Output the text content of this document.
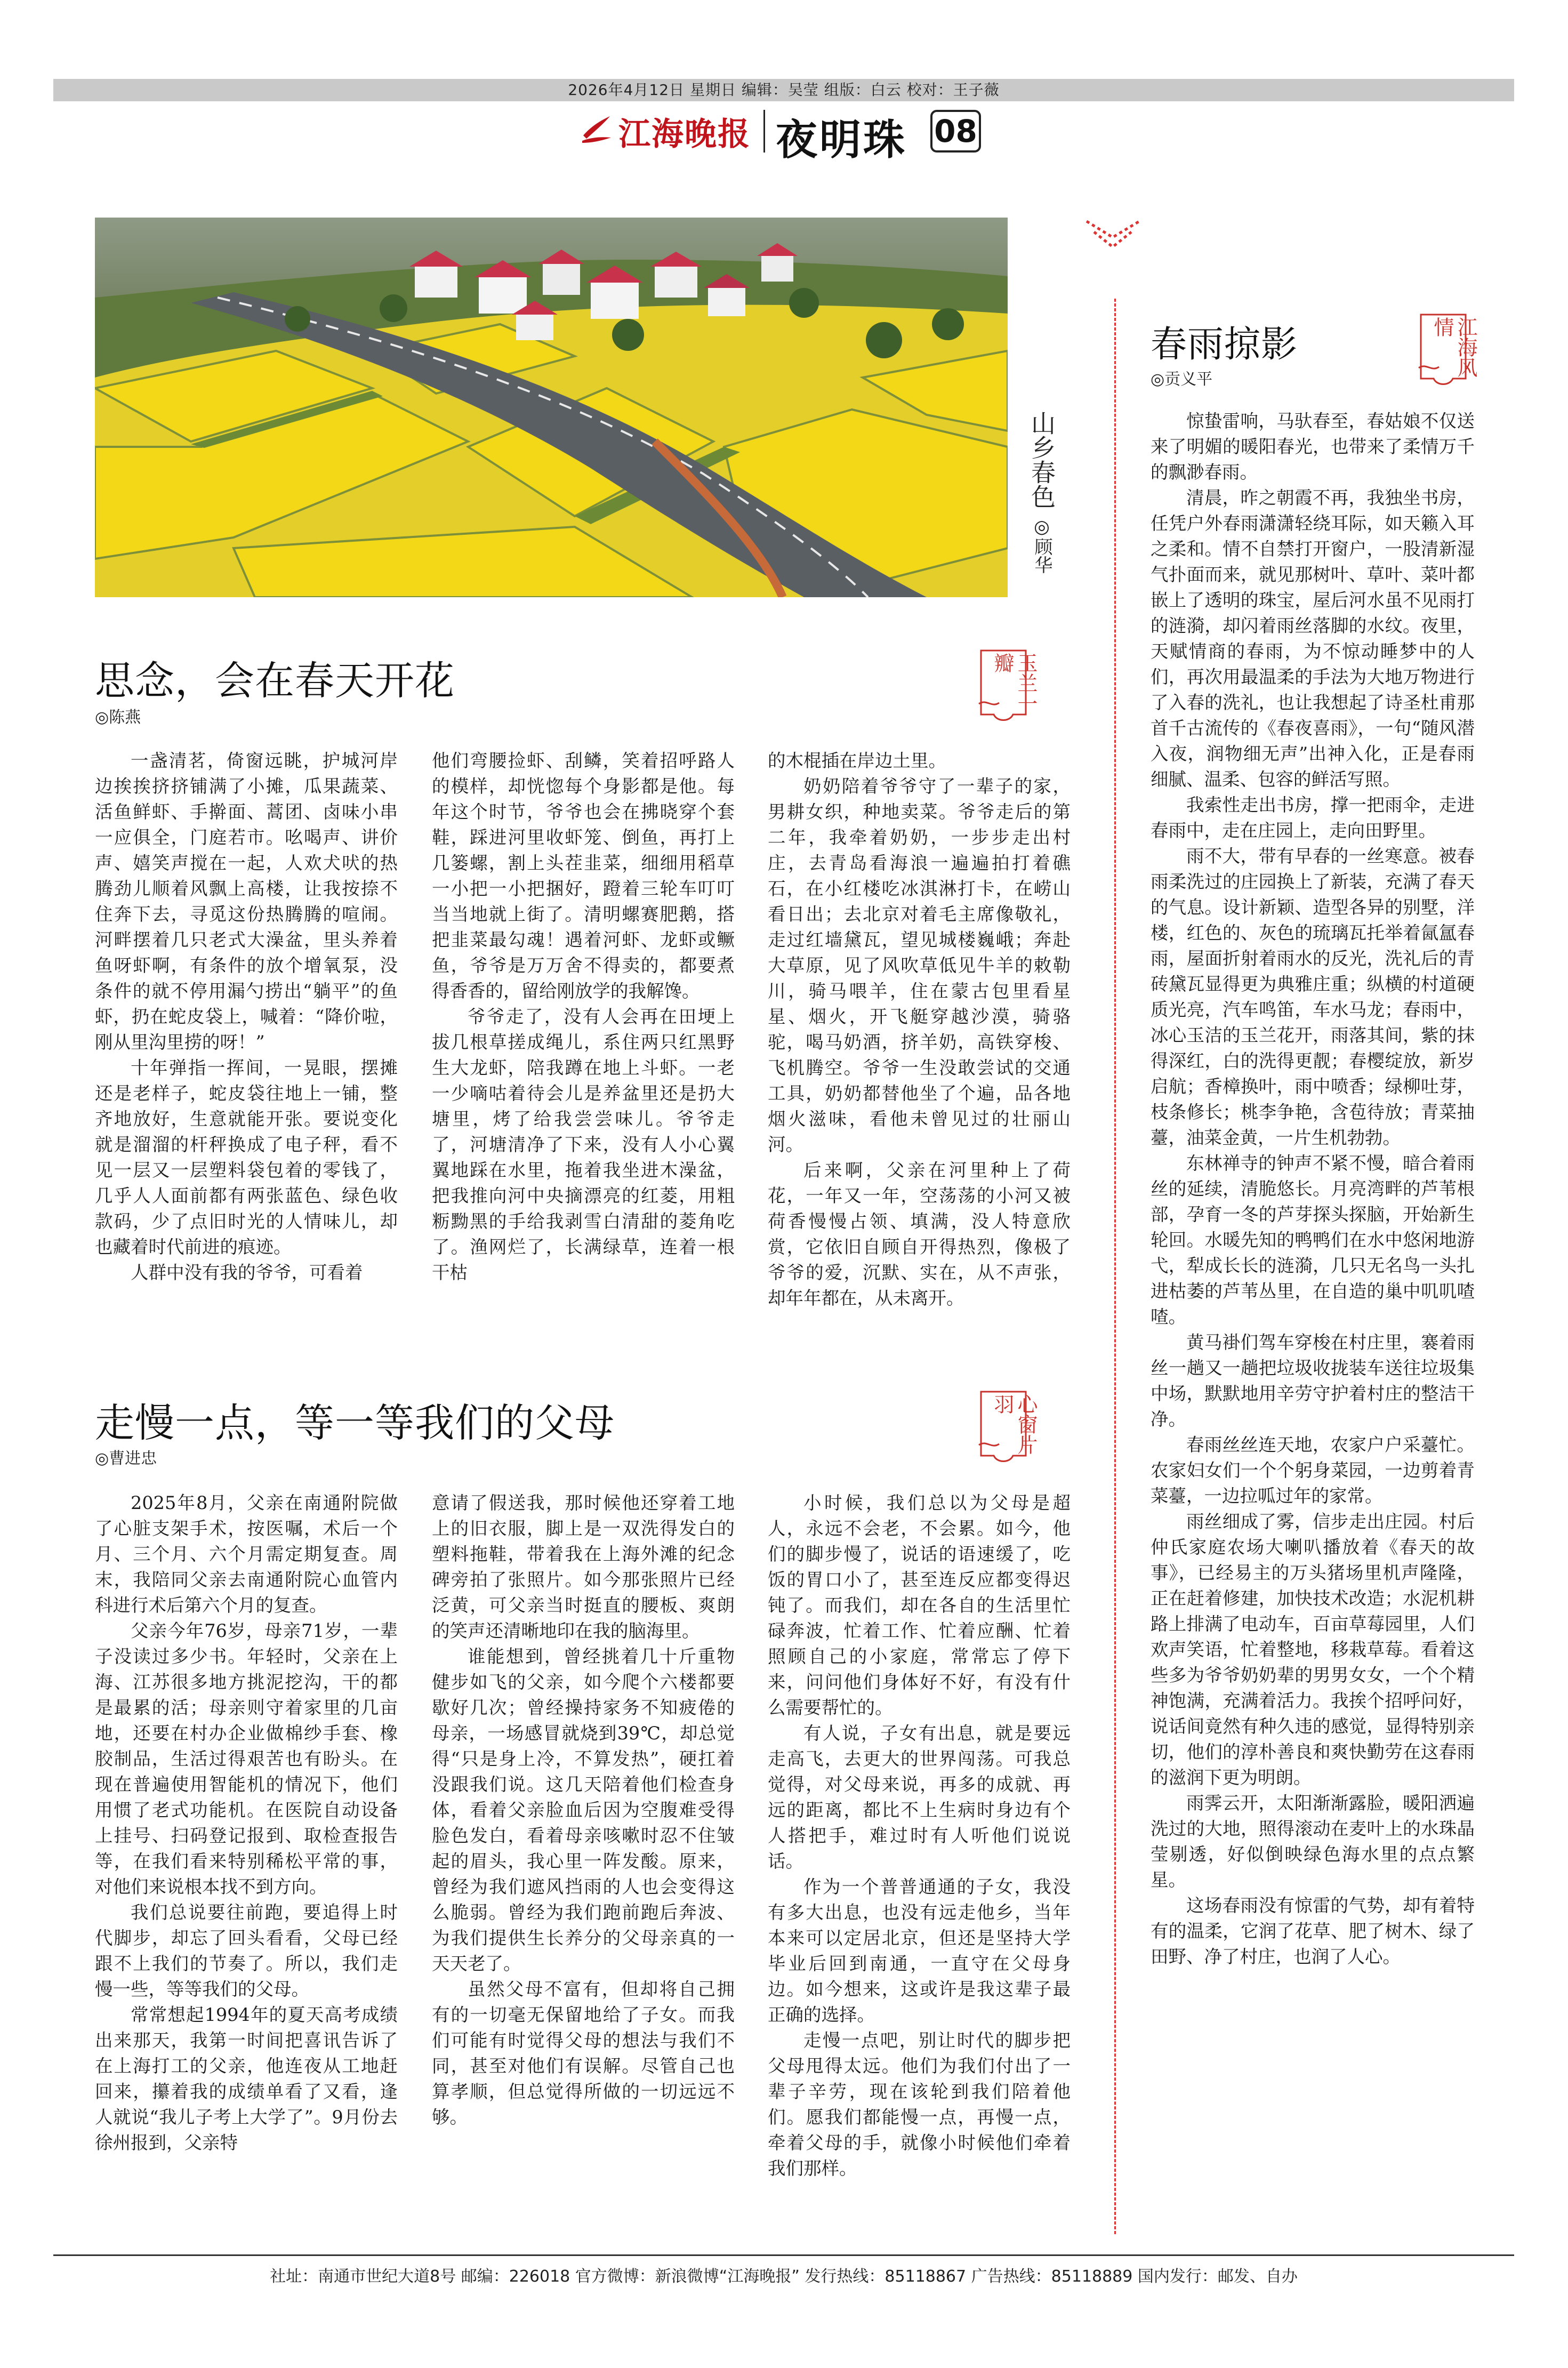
2026年4月12日 星期日 编辑：吴莹 组版：白云 校对：王子薇
江海晚报 夜明珠 08
山乡春色◎顾华
思念，会在春天开花
◎陈燕
玉兰一瓣

一盏清茗，倚窗远眺，护城河岸边挨挨挤挤铺满了小摊，瓜果蔬菜、活鱼鲜虾、手擀面、蒿团、卤味小串一应俱全，门庭若市。吆喝声、讲价声、嬉笑声搅在一起，人欢犬吠的热腾劲儿顺着风飘上高楼，让我按捺不住奔下去，寻觅这份热腾腾的喧闹。河畔摆着几只老式大澡盆，里头养着鱼呀虾啊，有条件的放个增氧泵，没条件的就不停用漏勺捞出“躺平”的鱼虾，扔在蛇皮袋上，喊着：“降价啦，刚从里沟里捞的呀！”

十年弹指一挥间，一晃眼，摆摊还是老样子，蛇皮袋往地上一铺，整齐地放好，生意就能开张。要说变化就是溜溜的杆秤换成了电子秤，看不见一层又一层塑料袋包着的零钱了，几乎人人面前都有两张蓝色、绿色收款码，少了点旧时光的人情味儿，却也藏着时代前进的痕迹。

人群中没有我的爷爷，可看着

他们弯腰捡虾、刮鳞，笑着招呼路人的模样，却恍惚每个身影都是他。每年这个时节，爷爷也会在拂晓穿个套鞋，踩进河里收虾笼、倒鱼，再打上几篓螺，割上头茬韭菜，细细用稻草一小把一小把捆好，蹬着三轮车叮叮当当地就上街了。清明螺赛肥鹅，搭把韭菜最勾魂！遇着河虾、龙虾或鳜鱼，爷爷是万万舍不得卖的，都要煮得香香的，留给刚放学的我解馋。

爷爷走了，没有人会再在田埂上拔几根草搓成绳儿，系住两只红黑野生大龙虾，陪我蹲在地上斗虾。一老一少嘀咕着待会儿是养盆里还是扔大塘里，烤了给我尝尝味儿。爷爷走了，河塘清净了下来，没有人小心翼翼地踩在水里，拖着我坐进木澡盆，把我推向河中央摘漂亮的红菱，用粗粝黝黑的手给我剥雪白清甜的菱角吃了。渔网烂了，长满绿草，连着一根干枯

的木棍插在岸边土里。

奶奶陪着爷爷守了一辈子的家，男耕女织，种地卖菜。爷爷走后的第二年，我牵着奶奶，一步步走出村庄，去青岛看海浪一遍遍拍打着礁石，在小红楼吃冰淇淋打卡，在崂山看日出；去北京对着毛主席像敬礼，走过红墙黛瓦，望见城楼巍峨；奔赴大草原，见了风吹草低见牛羊的敕勒川，骑马喂羊，住在蒙古包里看星星、烟火，开飞艇穿越沙漠，骑骆驼，喝马奶酒，挤羊奶，高铁穿梭、飞机腾空。爷爷一生没敢尝试的交通工具，奶奶都替他坐了个遍，品各地烟火滋味，看他未曾见过的壮丽山河。

后来啊，父亲在河里种上了荷花，一年又一年，空荡荡的小河又被荷香慢慢占领、填满，没人特意欣赏，它依旧自顾自开得热烈，像极了爷爷的爱，沉默、实在，从不声张，却年年都在，从未离开。

走慢一点，等一等我们的父母
◎曹进忠
心窗片羽

2025年8月，父亲在南通附院做了心脏支架手术，按医嘱，术后一个月、三个月、六个月需定期复查。周末，我陪同父亲去南通附院心血管内科进行术后第六个月的复查。

父亲今年76岁，母亲71岁，一辈子没读过多少书。年轻时，父亲在上海、江苏很多地方挑泥挖沟，干的都是最累的活；母亲则守着家里的几亩地，还要在村办企业做棉纱手套、橡胶制品，生活过得艰苦也有盼头。在现在普遍使用智能机的情况下，他们用惯了老式功能机。在医院自动设备上挂号、扫码登记报到、取检查报告等，在我们看来特别稀松平常的事，对他们来说根本找不到方向。

我们总说要往前跑，要追得上时代脚步，却忘了回头看看，父母已经跟不上我们的节奏了。所以，我们走慢一些，等等我们的父母。

常常想起1994年的夏天高考成绩出来那天，我第一时间把喜讯告诉了在上海打工的父亲，他连夜从工地赶回来，攥着我的成绩单看了又看，逢人就说“我儿子考上大学了”。9月份去徐州报到，父亲特

意请了假送我，那时候他还穿着工地上的旧衣服，脚上是一双洗得发白的塑料拖鞋，带着我在上海外滩的纪念碑旁拍了张照片。如今那张照片已经泛黄，可父亲当时挺直的腰板、爽朗的笑声还清晰地印在我的脑海里。

谁能想到，曾经挑着几十斤重物健步如飞的父亲，如今爬个六楼都要歇好几次；曾经操持家务不知疲倦的母亲，一场感冒就烧到39℃，却总觉得“只是身上冷，不算发热”，硬扛着没跟我们说。这几天陪着他们检查身体，看着父亲脸血后因为空腹难受得脸色发白，看着母亲咳嗽时忍不住皱起的眉头，我心里一阵发酸。原来，曾经为我们遮风挡雨的人也会变得这么脆弱。曾经为我们跑前跑后奔波、为我们提供生长养分的父母亲真的一天天老了。

虽然父母不富有，但却将自己拥有的一切毫无保留地给了子女。而我们可能有时觉得父母的想法与我们不同，甚至对他们有误解。尽管自己也算孝顺，但总觉得所做的一切远远不够。

小时候，我们总以为父母是超人，永远不会老，不会累。如今，他们的脚步慢了，说话的语速缓了，吃饭的胃口小了，甚至连反应都变得迟钝了。而我们，却在各自的生活里忙碌奔波，忙着工作、忙着应酬、忙着照顾自己的小家庭，常常忘了停下来，问问他们身体好不好，有没有什么需要帮忙的。

有人说，子女有出息，就是要远走高飞，去更大的世界闯荡。可我总觉得，对父母来说，再多的成就、再远的距离，都比不上生病时身边有个人搭把手，难过时有人听他们说说话。

作为一个普普通通的子女，我没有多大出息，也没有远走他乡，当年本来可以定居北京，但还是坚持大学毕业后回到南通，一直守在父母身边。如今想来，这或许是我这辈子最正确的选择。

走慢一点吧，别让时代的脚步把父母甩得太远。他们为我们付出了一辈子辛劳，现在该轮到我们陪着他们。愿我们都能慢一点，再慢一点，牵着父母的手，就像小时候他们牵着我们那样。

春雨掠影
◎贡义平
江海风情

惊蛰雷响，马驮春至，春姑娘不仅送来了明媚的暖阳春光，也带来了柔情万千的飘渺春雨。

清晨，昨之朝霞不再，我独坐书房，任凭户外春雨潇潇轻绕耳际，如天籁入耳之柔和。情不自禁打开窗户，一股清新湿气扑面而来，就见那树叶、草叶、菜叶都嵌上了透明的珠宝，屋后河水虽不见雨打的涟漪，却闪着雨丝落脚的水纹。夜里，天赋情商的春雨，为不惊动睡梦中的人们，再次用最温柔的手法为大地万物进行了入春的洗礼，也让我想起了诗圣杜甫那首千古流传的《春夜喜雨》，一句“随风潜入夜，润物细无声”出神入化，正是春雨细腻、温柔、包容的鲜活写照。

我索性走出书房，撑一把雨伞，走进春雨中，走在庄园上，走向田野里。

雨不大，带有早春的一丝寒意。被春雨柔洗过的庄园换上了新装，充满了春天的气息。设计新颖、造型各异的别墅，洋楼，红色的、灰色的琉璃瓦托举着氤氲春雨，屋面折射着雨水的反光，洗礼后的青砖黛瓦显得更为典雅庄重；纵横的村道硬质光亮，汽车鸣笛，车水马龙；春雨中，冰心玉洁的玉兰花开，雨落其间，紫的抹得深红，白的洗得更靓；春樱绽放，新岁启航；香樟换叶，雨中喷香；绿柳吐芽，枝条修长；桃李争艳，含苞待放；青菜抽薹，油菜金黄，一片生机勃勃。

东林禅寺的钟声不紧不慢，暗合着雨丝的延续，清脆悠长。月亮湾畔的芦苇根部，孕育一冬的芦芽探头探脑，开始新生轮回。水暖先知的鸭鸭们在水中悠闲地游弋，犁成长长的涟漪，几只无名鸟一头扎进枯萎的芦苇丛里，在自造的巢中叽叽喳喳。

黄马褂们驾车穿梭在村庄里，褰着雨丝一趟又一趟把垃圾收拢装车送往垃圾集中场，默默地用辛劳守护着村庄的整洁干净。

春雨丝丝连天地，农家户户采薹忙。农家妇女们一个个躬身菜园，一边剪着青菜薹，一边拉呱过年的家常。

雨丝细成了雾，信步走出庄园。村后仲氏家庭农场大喇叭播放着《春天的故事》，已经易主的万头猪场里机声隆隆，正在赶着修建，加快技术改造；水泥机耕路上排满了电动车，百亩草莓园里，人们欢声笑语，忙着整地，移栽草莓。看着这些多为爷爷奶奶辈的男男女女，一个个精神饱满，充满着活力。我挨个招呼问好，说话间竟然有种久违的感觉，显得特别亲切，他们的淳朴善良和爽快勤劳在这春雨的滋润下更为明朗。

雨霁云开，太阳渐渐露脸，暖阳洒遍洗过的大地，照得滚动在麦叶上的水珠晶莹剔透，好似倒映绿色海水里的点点繁星。

这场春雨没有惊雷的气势，却有着特有的温柔，它润了花草、肥了树木、绿了田野、净了村庄，也润了人心。

社址：南通市世纪大道8号 邮编：226018 官方微博：新浪微博“江海晚报” 发行热线：85118867 广告热线：85118889 国内发行：邮发、自办
